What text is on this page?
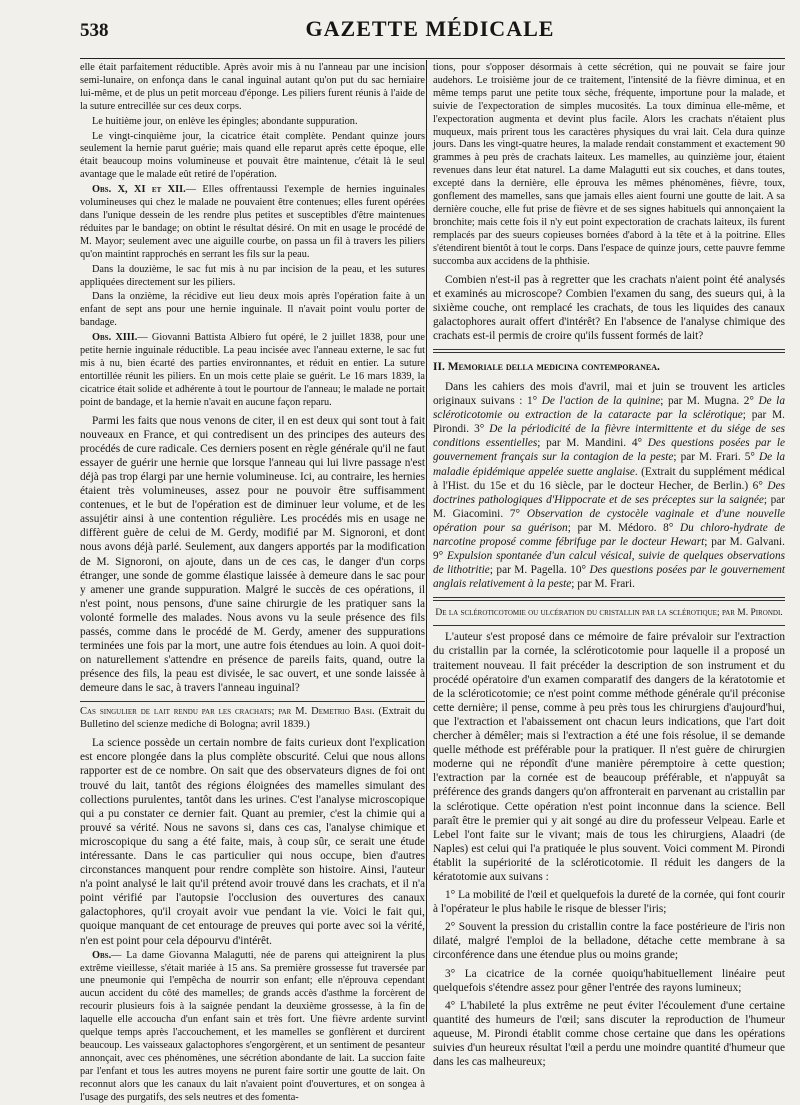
538	GAZETTE MÉDICALE

elle était parfaitement réductible. Après avoir mis à nu l'anneau par une incision semi-lunaire, on enfonça dans le canal inguinal autant qu'on put du sac herniaire lui-même, et de plus un petit morceau d'éponge. Les piliers furent réunis à l'aide de la suture entrecillée sur ces deux corps.

Le huitième jour, on enlève les épingles; abondante suppuration.

Le vingt-cinquième jour, la cicatrice était complète. Pendant quinze jours seulement la hernie parut guérie; mais quand elle reparut après cette époque, elle était beaucoup moins volumineuse et pouvait être maintenue, c'était là le seul avantage que le malade eût retiré de l'opération.

Obs. X, XI et XII.— Elles offrentaussi l'exemple de hernies inguinales volumineuses qui chez le malade ne pouvaient être contenues; elles furent opérées dans l'unique dessein de les rendre plus petites et susceptibles d'être maintenues réduites par le bandage; on obtint le résultat désiré. On mit en usage le procédé de M. Mayor; seulement avec une aiguille courbe, on passa un fil à travers les piliers qu'on maintint rapprochés en serrant les fils sur la peau.

Dans la douzième, le sac fut mis à nu par incision de la peau, et les sutures appliquées directement sur les piliers.

Dans la onzième, la récidive eut lieu deux mois après l'opération faite à un enfant de sept ans pour une hernie inguinale. Il n'avait point voulu porter de bandage.

Obs. XIII.— Giovanni Battista Albiero fut opéré, le 2 juillet 1838, pour une petite hernie inguinale réductible. La peau incisée avec l'anneau externe, le sac fut mis à nu, bien écarté des parties environnantes, et réduit en entier. La suture entortillée réunit les piliers. En un mois cette plaie se guérit. Le 16 mars 1839, la cicatrice était solide et adhérente à tout le pourtour de l'anneau; le malade ne portait point de bandage, et la hernie n'avait en aucune façon reparu.

Parmi les faits que nous venons de citer, il en est deux qui sont tout à fait nouveaux en France, et qui contredisent un des principes des auteurs des procédés de cure radicale. Ces derniers posent en règle générale qu'il ne faut essayer de guérir une hernie que lorsque l'anneau qui lui livre passage n'est déjà pas trop élargi par une hernie volumineuse. Ici, au contraire, les hernies étaient très volumineuses, assez pour ne pouvoir être suffisamment contenues, et le but de l'opération est de diminuer leur volume, et de les assujétir ainsi à une contention régulière. Les procédés mis en usage ne diffèrent guère de celui de M. Gerdy, modifié par M. Signoroni, et dont nous avons déjà parlé. Seulement, aux dangers apportés par la modification de M. Signoroni, on ajoute, dans un de ces cas, le danger d'un corps étranger, une sonde de gomme élastique laissée à demeure dans le sac pour y amener une grande suppuration. Malgré le succès de ces opérations, il n'est point, nous pensons, d'une saine chirurgie de les pratiquer sans la volonté formelle des malades. Nous avons vu la seule présence des fils passés, comme dans le procédé de M. Gerdy, amener des suppurations terminées une fois par la mort, une autre fois étendues au loin. A quoi doit-on naturellement s'attendre en présence de pareils faits, quand, outre la présence des fils, la peau est divisée, le sac ouvert, et une sonde laissée à demeure dans le sac, à travers l'anneau inguinal?

Cas singulier de lait rendu par les crachats; par M. Demetrio Basi. (Extrait du Bulletino del scienze mediche di Bologna; avril 1839.)

La science possède un certain nombre de faits curieux dont l'explication est encore plongée dans la plus complète obscurité. Celui que nous allons rapporter est de ce nombre. On sait que des observateurs dignes de foi ont trouvé du lait, tantôt des régions éloignées des mamelles simulant des collections purulentes, tantôt dans les urines. C'est l'analyse microscopique qui a pu constater ce dernier fait. Quant au premier, c'est la chimie qui a prouvé sa vérité. Nous ne savons si, dans ces cas, l'analyse chimique et microscopique du sang a été faite, mais, à coup sûr, ce serait une étude intéressante. Dans le cas particulier qui nous occupe, bien d'autres circonstances manquent pour rendre complète son histoire. Ainsi, l'auteur n'a point analysé le lait qu'il prétend avoir trouvé dans les crachats, et il n'a point vérifié par l'autopsie l'occlusion des ouvertures des canaux galactophores, qu'il croyait avoir vue pendant la vie. Voici le fait qui, quoique manquant de cet entourage de preuves qui porte avec soi la vérité, n'en est point pour cela dépourvu d'intérêt.

Obs.— La dame Giovanna Malagutti, née de parens qui atteignirent la plus extrême vieillesse, s'était mariée à 15 ans. Sa première grossesse fut traversée par une pneumonie qui l'empêcha de nourrir son enfant; elle n'éprouva cependant aucun accident du côté des mamelles; de grands accès d'asthme la forcèrent de recourir plusieurs fois à la saignée pendant la deuxième grossesse, à la fin de laquelle elle accoucha d'un enfant sain et très fort. Une fièvre ardente survint quelque temps après l'accouchement, et les mamelles se gonflèrent et durcirent beaucoup. Les vaisseaux galactophores s'engorgèrent, et un sentiment de pesanteur annonçait, avec ces phénomènes, une sécrétion abondante de lait. La succion faite par l'enfant et tous les autres moyens ne purent faire sortir une goutte de lait. On reconnut alors que les canaux du lait n'avaient point d'ouvertures, et on songea à l'usage des purgatifs, des sels neutres et des fomenta-

tions, pour s'opposer désormais à cette sécrétion, qui ne pouvait se faire jour audehors. Le troisième jour de ce traitement, l'intensité de la fièvre diminua, et en même temps parut une petite toux sèche, fréquente, importune pour la malade, et suivie de l'expectoration de simples mucosités. La toux diminua elle-même, et l'expectoration augmenta et devint plus facile. Alors les crachats n'étaient plus muqueux, mais prirent tous les caractères physiques du vrai lait. Cela dura quinze jours. Dans les vingt-quatre heures, la malade rendait constamment et exactement 90 grammes à peu près de crachats laiteux. Les mamelles, au quinzième jour, étaient revenues dans leur état naturel. La dame Malagutti eut six couches, et dans toutes, excepté dans la dernière, elle éprouva les mêmes phénomènes, fièvre, toux, gonflement des mamelles, sans que jamais elles aient fourni une goutte de lait. A sa dernière couche, elle fut prise de fièvre et de ses signes habituels qui annonçaient la bronchite; mais cette fois il n'y eut point expectoration de crachats laiteux, ils furent remplacés par des sueurs copieuses bornées d'abord à la tête et à la poitrine. Elles s'étendirent bientôt à tout le corps. Dans l'espace de quinze jours, cette pauvre femme succomba aux accidens de la phthisie.

Combien n'est-il pas à regretter que les crachats n'aient point été analysés et examinés au microscope? Combien l'examen du sang, des sueurs qui, à la sixième couche, ont remplacé les crachats, de tous les liquides des canaux galactophores aurait offert d'intérêt? En l'absence de l'analyse chimique des crachats est-il permis de croire qu'ils fussent formés de lait?

II. Memoriale della medicina contemporanea.

Dans les cahiers des mois d'avril, mai et juin se trouvent les articles originaux suivans : 1° De l'action de la quinine; par M. Mugna. 2° De la scléroticotomie ou extraction de la cataracte par la sclérotique; par M. Pirondi. 3° De la périodicité de la fièvre intermittente et du siége de ses conditions essentielles; par M. Mandini. 4° Des questions posées par le gouvernement français sur la contagion de la peste; par M. Frari. 5° De la maladie épidémique appelée suette anglaise. (Extrait du supplément médical à l'Hist. du 15e et du 16 siècle, par le docteur Hecher, de Berlin.) 6° Des doctrines pathologiques d'Hippocrate et de ses préceptes sur la saignée; par M. Giacomini. 7° Observation de cystocèle vaginale et d'une nouvelle opération pour sa guérison; par M. Médoro. 8° Du chloro-hydrate de narcotine proposé comme fébrifuge par le docteur Hewart; par M. Galvani. 9° Expulsion spontanée d'un calcul vésical, suivie de quelques observations de lithotritie; par M. Pagella. 10° Des questions posées par le gouvernement anglais relativement à la peste; par M. Frari.

De la scléroticotomie ou ulcération du cristallin par la sclérotique; par M. Pirondi.

L'auteur s'est proposé dans ce mémoire de faire prévaloir sur l'extraction du cristallin par la cornée, la scléroticotomie pour laquelle il a proposé un traitement nouveau. Il fait précéder la description de son instrument et du procédé opératoire d'un examen comparatif des dangers de la kératotomie et de la scléroticotomie; ce n'est point comme méthode générale qu'il préconise cette dernière; il pense, comme à peu près tous les chirurgiens d'aujourd'hui, que l'extraction et l'abaissement ont chacun leurs indications, que l'art doit chercher à démêler; mais si l'extraction a été une fois résolue, il se demande quelle méthode est préférable pour la pratiquer. Il n'est guère de chirurgien moderne qui ne répondît d'une manière péremptoire à cette question; l'extraction par la cornée est de beaucoup préférable, et n'appuyât sa préférence des grands dangers qu'on affronterait en parvenant au cristallin par la sclérotique. Cette opération n'est point inconnue dans la science. Bell paraît être le premier qui y ait songé au dire du professeur Velpeau. Earle et Lebel l'ont faite sur le vivant; mais de tous les chirurgiens, Alaadri (de Naples) est celui qui l'a pratiquée le plus souvent. Voici comment M. Pirondi établit la supériorité de la scléroticotomie. Il réduit les dangers de la kératotomie aux suivans :

1° La mobilité de l'œil et quelquefois la dureté de la cornée, qui font courir à l'opérateur le plus habile le risque de blesser l'iris;

2° Souvent la pression du cristallin contre la face postérieure de l'iris non dilaté, malgré l'emploi de la belladone, détache cette membrane à sa circonférence dans une étendue plus ou moins grande;

3° La cicatrice de la cornée quoiqu'habituellement linéaire peut quelquefois s'étendre assez pour gêner l'entrée des rayons lumineux;

4° L'habileté la plus extrême ne peut éviter l'écoulement d'une certaine quantité des humeurs de l'œil; sans discuter la reproduction de l'humeur aqueuse, M. Pirondi établit comme chose certaine que dans les opérations suivies d'un heureux résultat l'œil a perdu une moindre quantité d'humeur que dans les cas malheureux;
